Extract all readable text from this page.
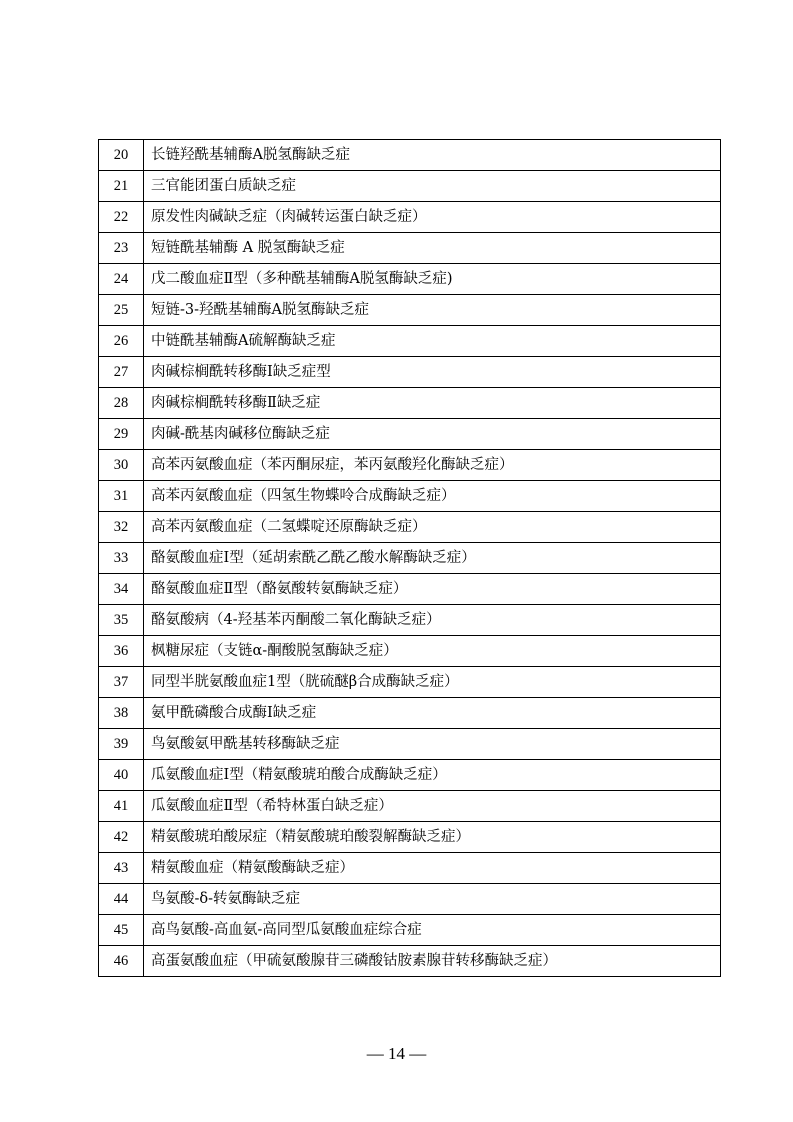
20	长链羟酰基辅酶A脱氢酶缺乏症
21	三官能团蛋白质缺乏症
22	原发性肉碱缺乏症（肉碱转运蛋白缺乏症）
23	短链酰基辅酶 A 脱氢酶缺乏症
24	戊二酸血症Ⅱ型（多种酰基辅酶A脱氢酶缺乏症)
25	短链-3-羟酰基辅酶A脱氢酶缺乏症
26	中链酰基辅酶A硫解酶缺乏症
27	肉碱棕榈酰转移酶Ⅰ缺乏症型
28	肉碱棕榈酰转移酶Ⅱ缺乏症
29	肉碱-酰基肉碱移位酶缺乏症
30	高苯丙氨酸血症（苯丙酮尿症，苯丙氨酸羟化酶缺乏症）
31	高苯丙氨酸血症（四氢生物蝶呤合成酶缺乏症）
32	高苯丙氨酸血症（二氢蝶啶还原酶缺乏症）
33	酪氨酸血症Ⅰ型（延胡索酰乙酰乙酸水解酶缺乏症）
34	酪氨酸血症Ⅱ型（酪氨酸转氨酶缺乏症）
35	酪氨酸病（4-羟基苯丙酮酸二氧化酶缺乏症）
36	枫糖尿症（支链α-酮酸脱氢酶缺乏症）
37	同型半胱氨酸血症1型（胱硫醚β合成酶缺乏症）
38	氨甲酰磷酸合成酶Ⅰ缺乏症
39	鸟氨酸氨甲酰基转移酶缺乏症
40	瓜氨酸血症Ⅰ型（精氨酸琥珀酸合成酶缺乏症）
41	瓜氨酸血症Ⅱ型（希特林蛋白缺乏症）
42	精氨酸琥珀酸尿症（精氨酸琥珀酸裂解酶缺乏症）
43	精氨酸血症（精氨酸酶缺乏症）
44	鸟氨酸-δ-转氨酶缺乏症
45	高鸟氨酸-高血氨-高同型瓜氨酸血症综合症
46	高蛋氨酸血症（甲硫氨酸腺苷三磷酸钴胺素腺苷转移酶缺乏症）
— 14 —
